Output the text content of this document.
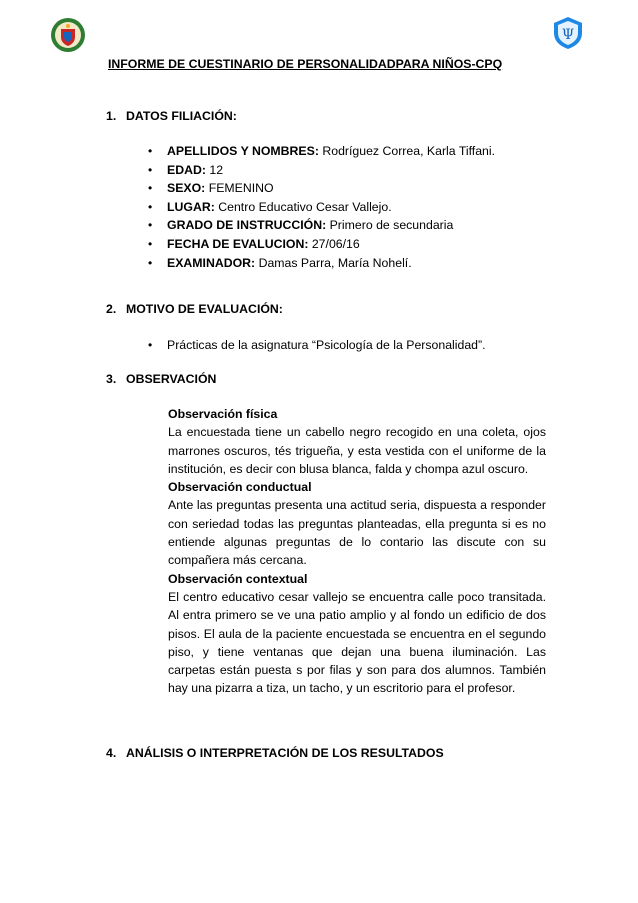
Ψ
INFORME DE CUESTINARIO DE PERSONALIDADPARA NIÑOS-CPQ
1. DATOS FILIACIÓN:
• APELLIDOS Y NOMBRES: Rodríguez Correa, Karla Tiffani.
• EDAD: 12
• SEXO: FEMENINO
• LUGAR: Centro Educativo Cesar Vallejo.
• GRADO DE INSTRUCCIÓN: Primero de secundaria
• FECHA DE EVALUCION: 27/06/16
• EXAMINADOR: Damas Parra, María Nohelí.
2. MOTIVO DE EVALUACIÓN:
• Prácticas de la asignatura “Psicología de la Personalidad”.
3. OBSERVACIÓN
Observación física
La encuestada tiene un cabello negro recogido en una coleta, ojos marrones oscuros, tés trigueña, y esta vestida con el uniforme de la institución, es decir con blusa blanca, falda y chompa azul oscuro.
Observación conductual
Ante las preguntas presenta una actitud seria, dispuesta a responder con seriedad todas las preguntas planteadas, ella pregunta si es no entiende algunas preguntas de lo contario las discute con su compañera más cercana.
Observación contextual
El centro educativo cesar vallejo se encuentra calle poco transitada. Al entra primero se ve una patio amplio y al fondo un edificio de dos pisos. El aula de la paciente encuestada se encuentra en el segundo piso, y tiene ventanas que dejan una buena iluminación. Las carpetas están puesta s por filas y son para dos alumnos. También hay una pizarra a tiza, un tacho, y un escritorio para el profesor.
4. ANÁLISIS O INTERPRETACIÓN DE LOS RESULTADOS
